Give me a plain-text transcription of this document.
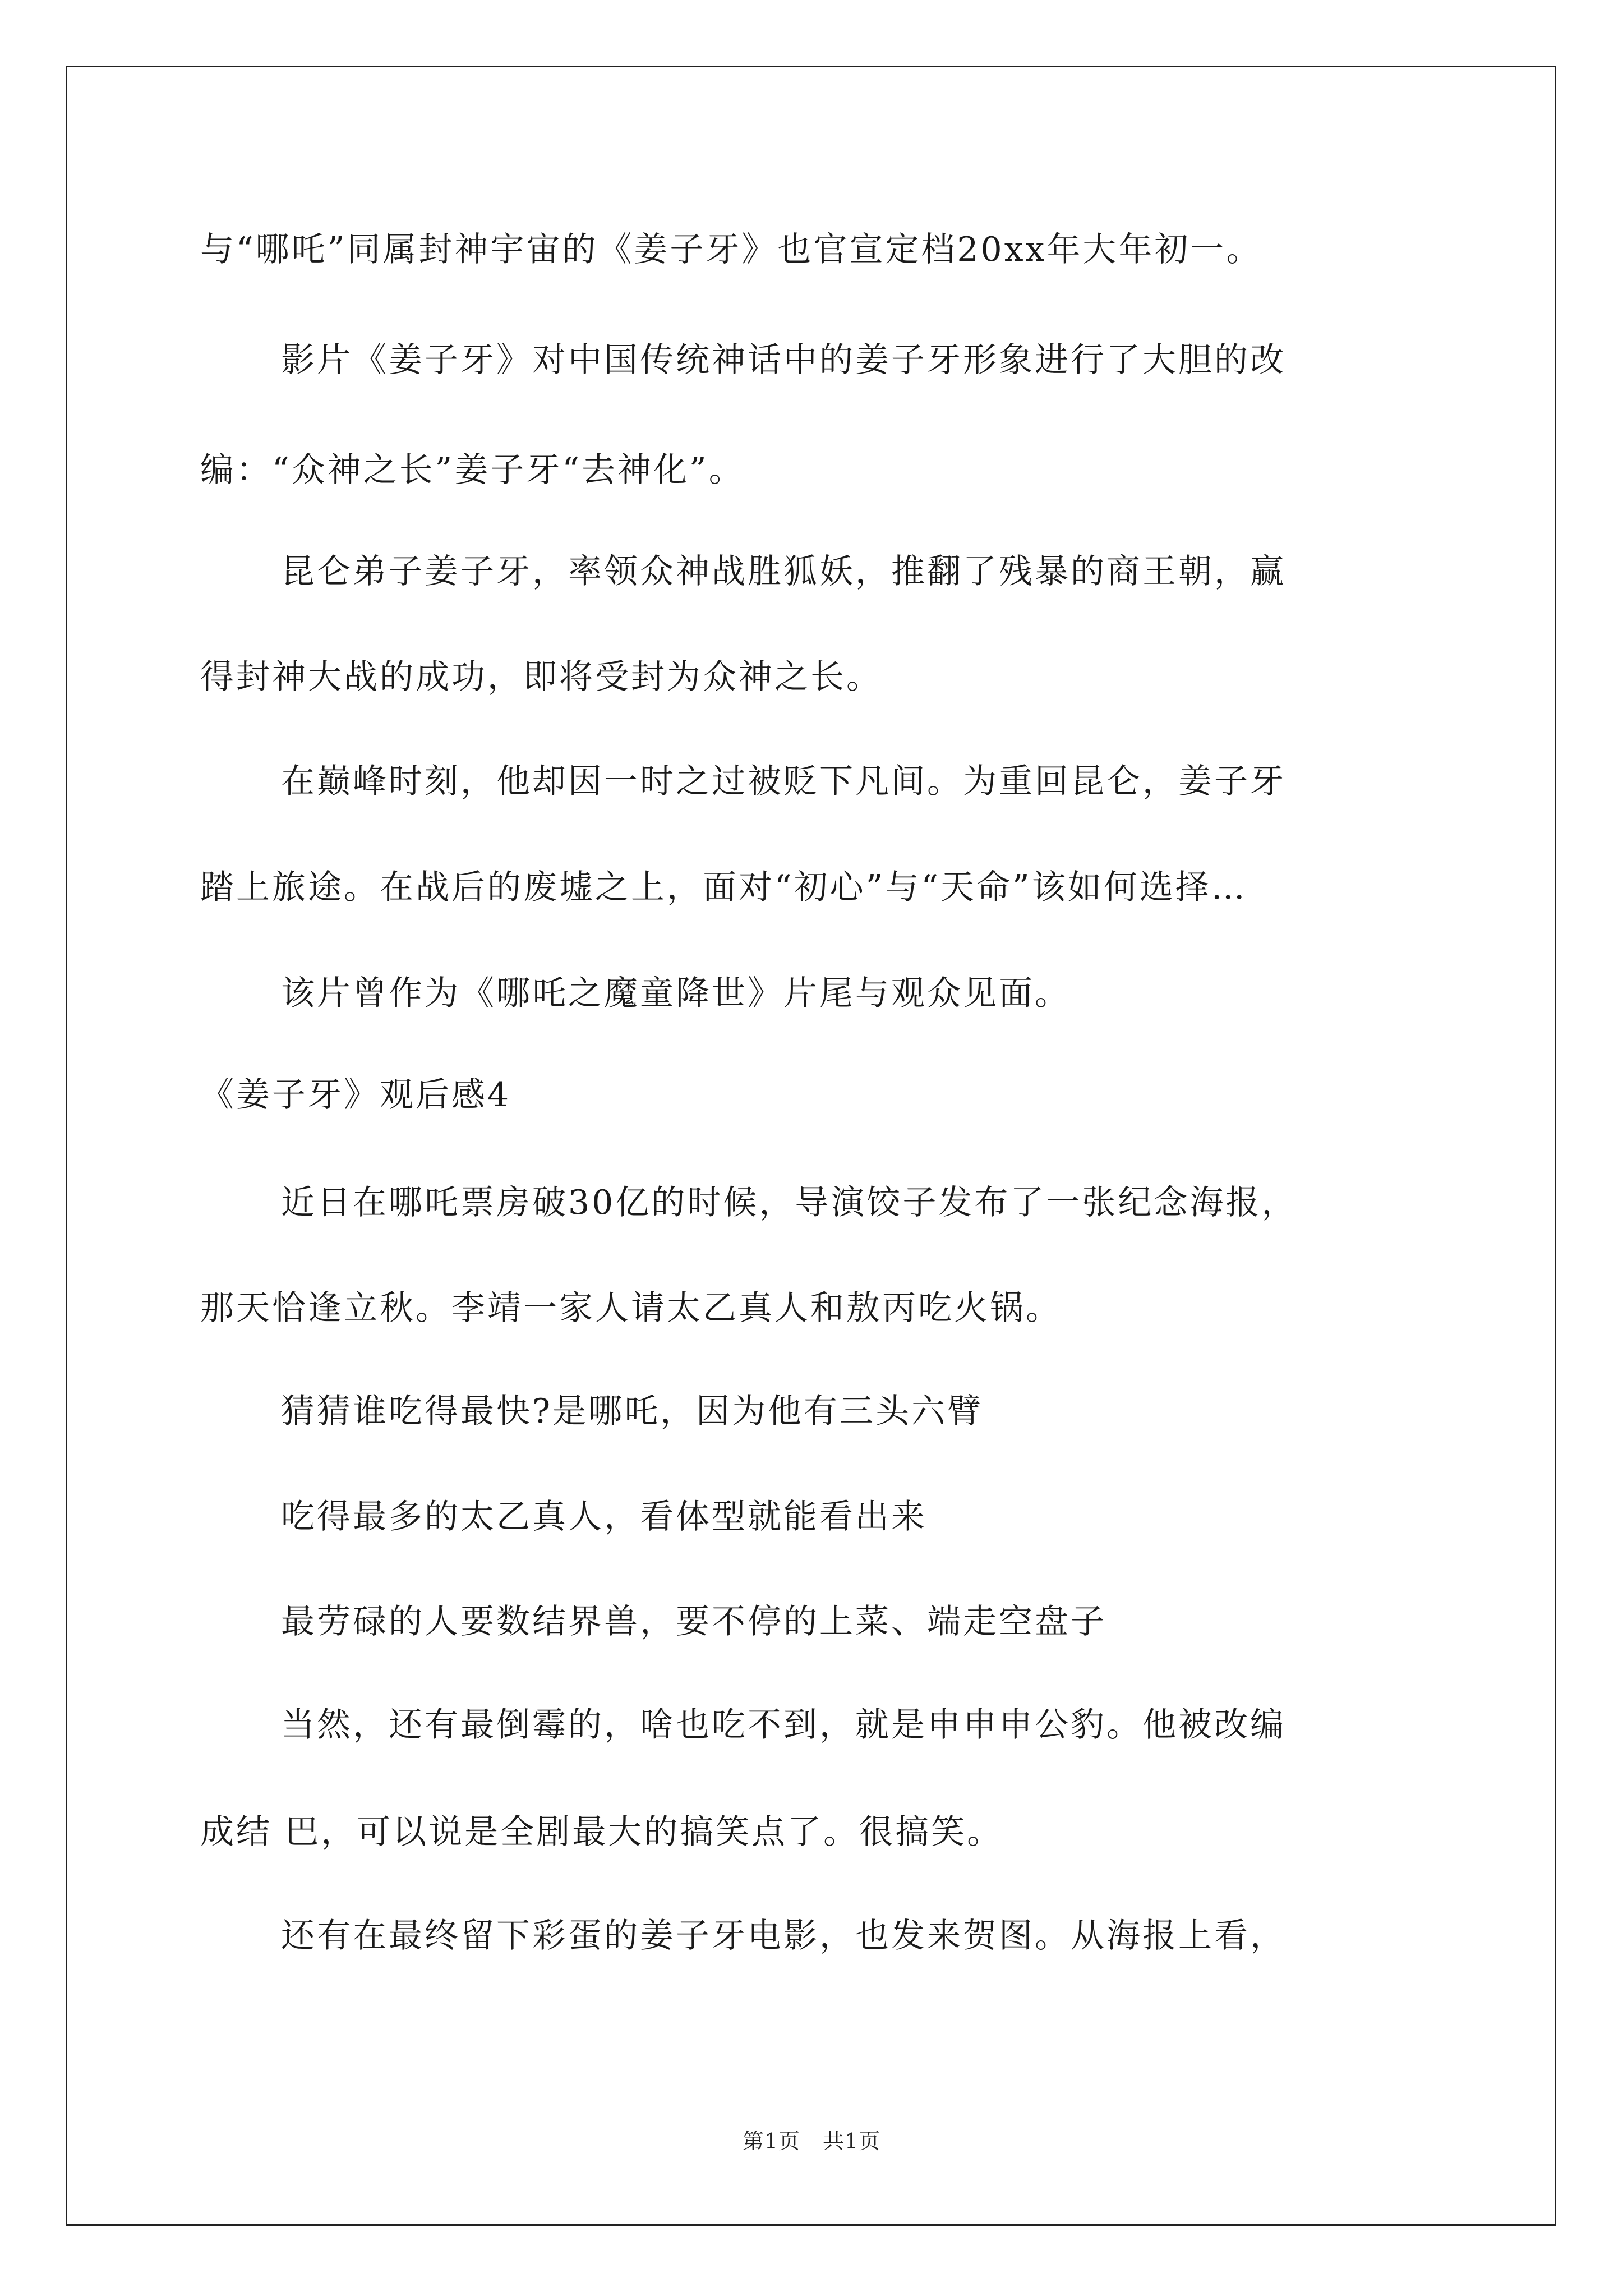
与“哪吒”同属封神宇宙的《姜子牙》也官宣定档20xx年大年初一。
影片《姜子牙》对中国传统神话中的姜子牙形象进行了大胆的改
编：“众神之长”姜子牙“去神化”。
昆仑弟子姜子牙，率领众神战胜狐妖，推翻了残暴的商王朝，赢
得封神大战的成功，即将受封为众神之长。
在巅峰时刻，他却因一时之过被贬下凡间。为重回昆仑，姜子牙
踏上旅途。在战后的废墟之上，面对“初心”与“天命”该如何选择…
该片曾作为《哪吒之魔童降世》片尾与观众见面。
《姜子牙》观后感4
近日在哪吒票房破30亿的时候，导演饺子发布了一张纪念海报，
那天恰逢立秋。李靖一家人请太乙真人和敖丙吃火锅。
猜猜谁吃得最快?是哪吒，因为他有三头六臂
吃得最多的太乙真人，看体型就能看出来
最劳碌的人要数结界兽，要不停的上菜、端走空盘子
当然，还有最倒霉的，啥也吃不到，就是申申申公豹。他被改编
成结 巴，可以说是全剧最大的搞笑点了。很搞笑。
还有在最终留下彩蛋的姜子牙电影，也发来贺图。从海报上看，
第1页 共1页
